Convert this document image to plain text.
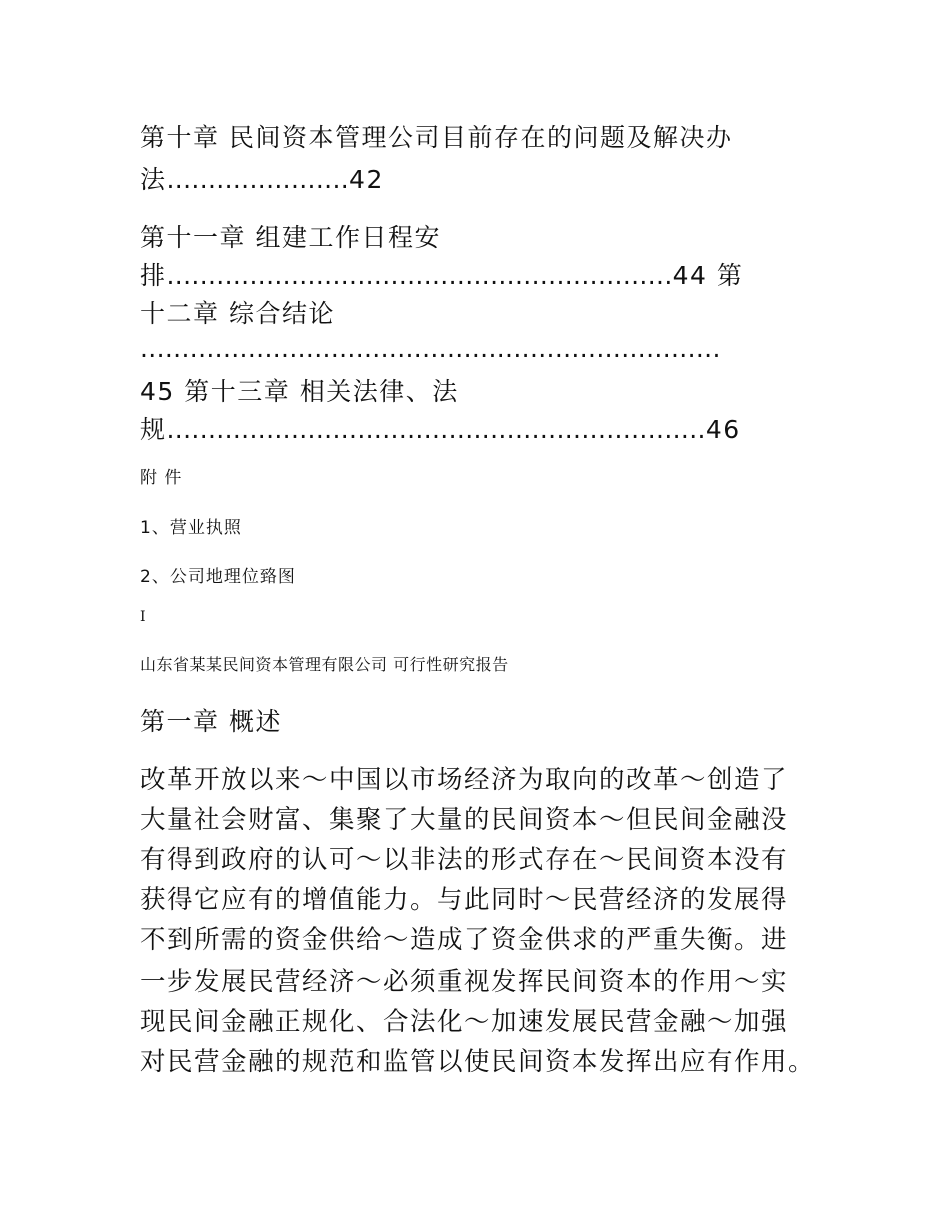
第十章 民间资本管理公司目前存在的问题及解决办
法......................42
第十一章 组建工作日程安
排.............................................................44 第
十二章 综合结论
......................................................................
45 第十三章 相关法律、法
规.................................................................46
附 件
1、营业执照
2、公司地理位臵图
I
山东省某某民间资本管理有限公司 可行性研究报告
第一章 概述
改革开放以来～中国以市场经济为取向的改革～创造了
大量社会财富、集聚了大量的民间资本～但民间金融没
有得到政府的认可～以非法的形式存在～民间资本没有
获得它应有的增值能力。与此同时～民营经济的发展得
不到所需的资金供给～造成了资金供求的严重失衡。进
一步发展民营经济～必须重视发挥民间资本的作用～实
现民间金融正规化、合法化～加速发展民营金融～加强
对民营金融的规范和监管以使民间资本发挥出应有作用。
